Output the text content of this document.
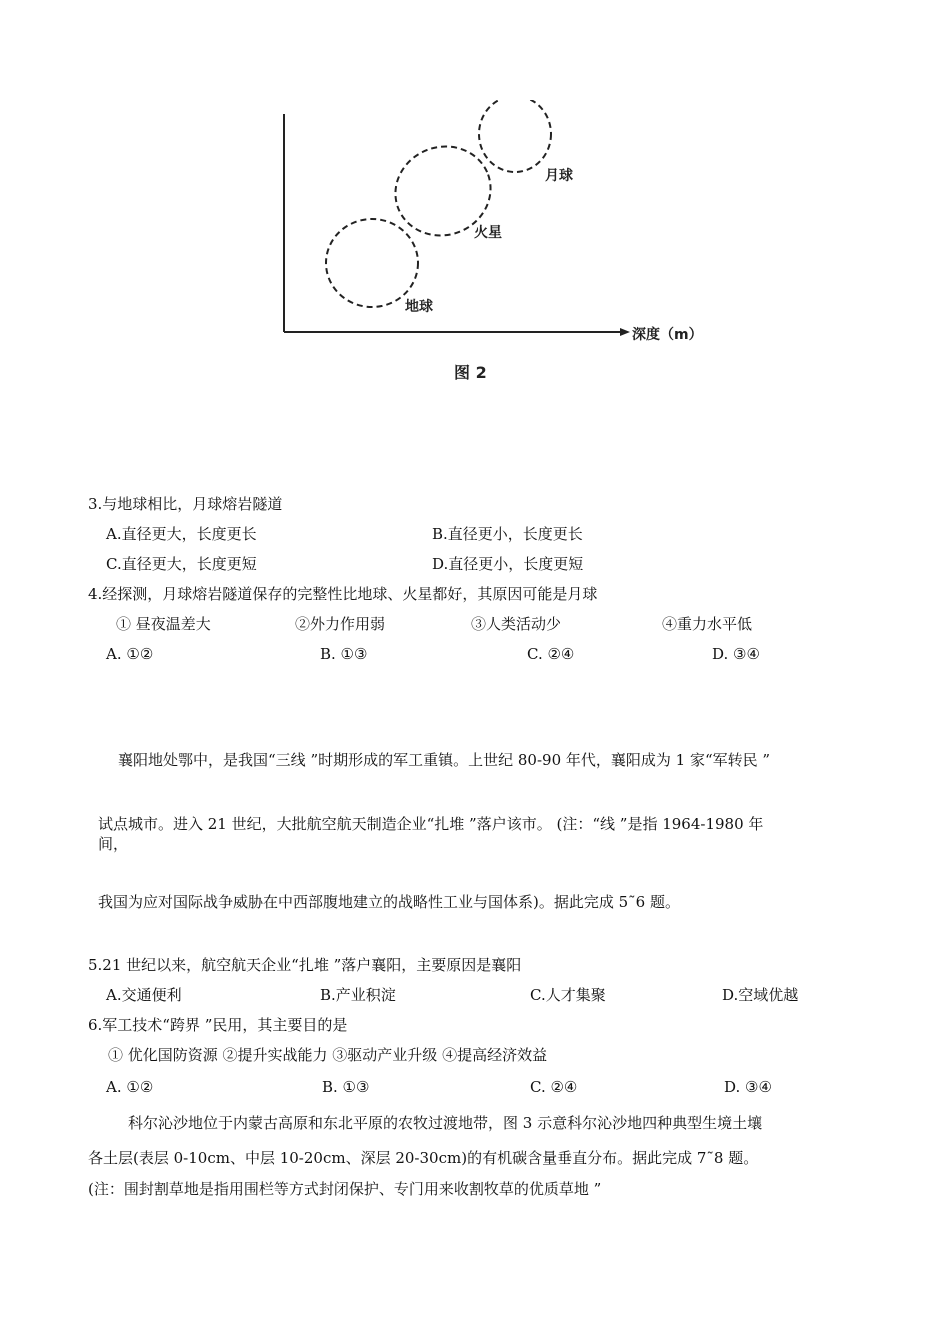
月球
火星
地球
深度（m）
图 2
3.与地球相比，月球熔岩隧道
A.直径更大，长度更长	B.直径更小，长度更长
C.直径更大，长度更短	D.直径更小，长度更短
4.经探测，月球熔岩隧道保存的完整性比地球、火星都好，其原因可能是月球
① 昼夜温差大	②外力作用弱	③人类活动少	④重力水平低
A. ①②	B. ①③	C. ②④	D. ③④
襄阳地处鄂中，是我国“三线 ”时期形成的军工重镇。上世纪 80-90 年代，襄阳成为 1 家“军转民 ”
试点城市。进入 21 世纪，大批航空航天制造企业“扎堆 ”落户该市。 (注：“线 ”是指 1964-1980 年
间，
我国为应对国际战争威胁在中西部腹地建立的战略性工业与国体系)。据此完成 5˜6 题。
5.21 世纪以来，航空航天企业“扎堆 ”落户襄阳，主要原因是襄阳
A.交通便利	B.产业积淀	C.人才集聚	D.空域优越
6.军工技术“跨界 ”民用，其主要目的是
① 优化国防资源 ②提升实战能力 ③驱动产业升级 ④提高经济效益
A. ①②	B. ①③	C. ②④	D. ③④
科尔沁沙地位于内蒙古高原和东北平原的农牧过渡地带，图 3 示意科尔沁沙地四种典型生境土壤
各土层(表层 0-10cm、中层 10-20cm、深层 20-30cm)的有机碳含量垂直分布。据此完成 7˜8 题。
(注：围封割草地是指用围栏等方式封闭保护、专门用来收割牧草的优质草地 ”
